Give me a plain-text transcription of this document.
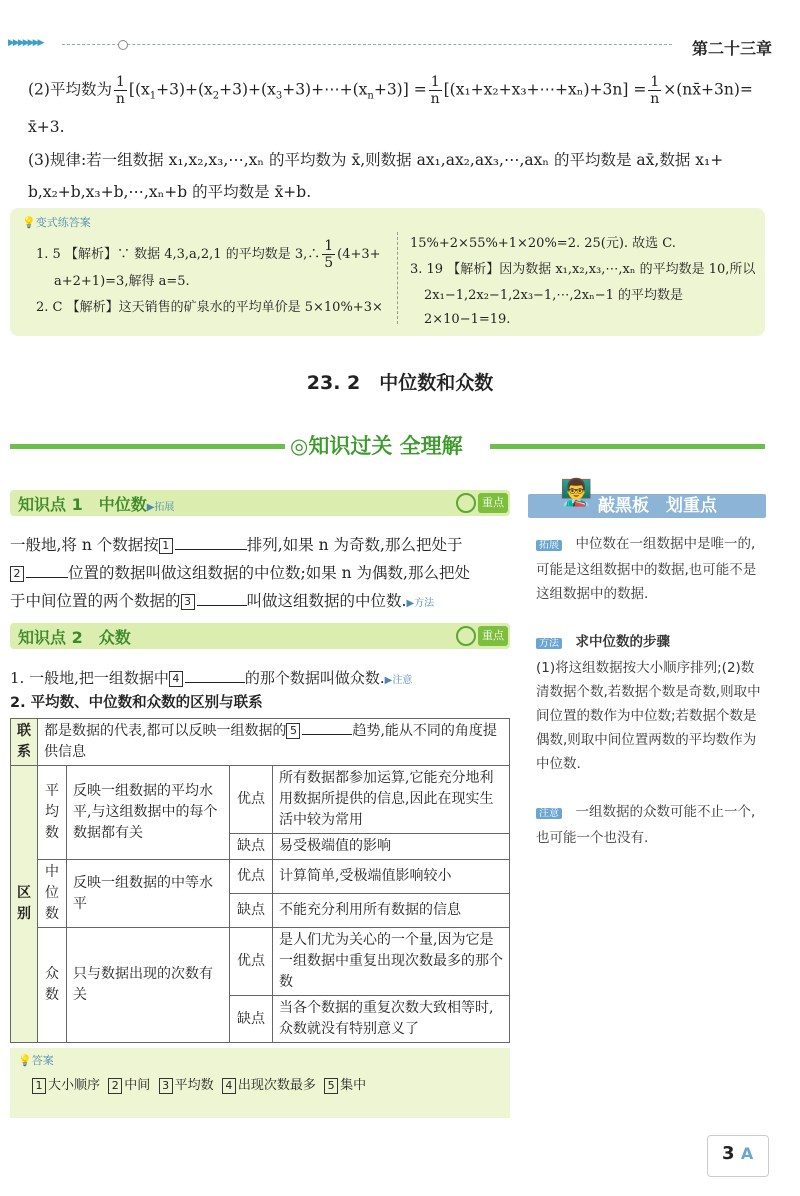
▶▶▶▶▶▶▶	第二十三章
(2)平均数为 $\frac{1}{n}$ $[(x_1+3)+(x_2+3)+(x_3+3)+\cdots+(x_n+3)] = \frac{1}{n}$ [(x₁+x₂+x₃+⋯+xₙ)+3n] = $\frac{1}{n}$ ×(nx̄+3n)=
x̄+3.
(3)规律:若一组数据 x₁,x₂,x₃,⋯,xₙ 的平均数为 x̄,则数据 ax₁,ax₂,ax₃,⋯,axₙ 的平均数是 ax̄,数据 x₁+
b,x₂+b,x₃+b,⋯,xₙ+b 的平均数是 x̄+b.
💡变式练答案
1. 5 【解析】∵ 数据 4,3,a,2,1 的平均数是 3,∴ $\frac{1}{5} (4+3+$
a+2+1)=3,解得 a=5.
2. C 【解析】这天销售的矿泉水的平均单价是 5×10%+3×
15%+2×55%+1×20%=2. 25(元). 故选 C.
3. 19 【解析】因为数据 x₁,x₂,x₃,⋯,xₙ 的平均数是 10,所以
2x₁−1,2x₂−1,2x₃−1,⋯,2xₙ−1 的平均数是 2×10−1=19.
23. 2　中位数和众数
◎知识过关 全理解
知识点 1　中位数▶拓展	重点
一般地,将 n 个数据按 1	排列,如果 n 为奇数,那么把处于
2	位置的数据叫做这组数据的中位数;如果 n 为偶数,那么把处
于中间位置的两个数据的 3	叫做这组数据的中位数.▶方法
知识点 2　众数	重点
1. 一般地,把一组数据中 4	的那个数据叫做众数.▶注意
2. 平均数、中位数和众数的区别与联系
联系	都是数据的代表,都可以反映一组数据的 5 趋势,能从不同的角度提供信息			
区别	平均数	反映一组数据的平均水平,与这组数据中的每个数据都有关	优点	所有数据都参加运算,它能充分地利用数据所提供的信息,因此在现实生活中较为常用
			缺点	易受极端值的影响
	中位数	反映一组数据的中等水平	优点	计算简单,受极端值影响较小
			缺点	不能充分利用所有数据的信息
	众数	只与数据出现的次数有关	优点	是人们尤为关心的一个量,因为它是一组数据中重复出现次数最多的那个数
			缺点	当各个数据的重复次数大致相等时,众数就没有特别意义了
💡答案
1 大小顺序 2 中间 3 平均数 4 出现次数最多 5 集中
👨‍🏫 敲黑板　划重点
拓展　中位数在一组数据中是唯一的,可能是这组数据中的数据,也可能不是这组数据中的数据.
方法　求中位数的步骤
(1)将这组数据按大小顺序排列;(2)数清数据个数,若数据个数是奇数,则取中间位置的数作为中位数;若数据个数是偶数,则取中间位置两数的平均数作为中位数.
注意　一组数据的众数可能不止一个,也可能一个也没有.
3 A
